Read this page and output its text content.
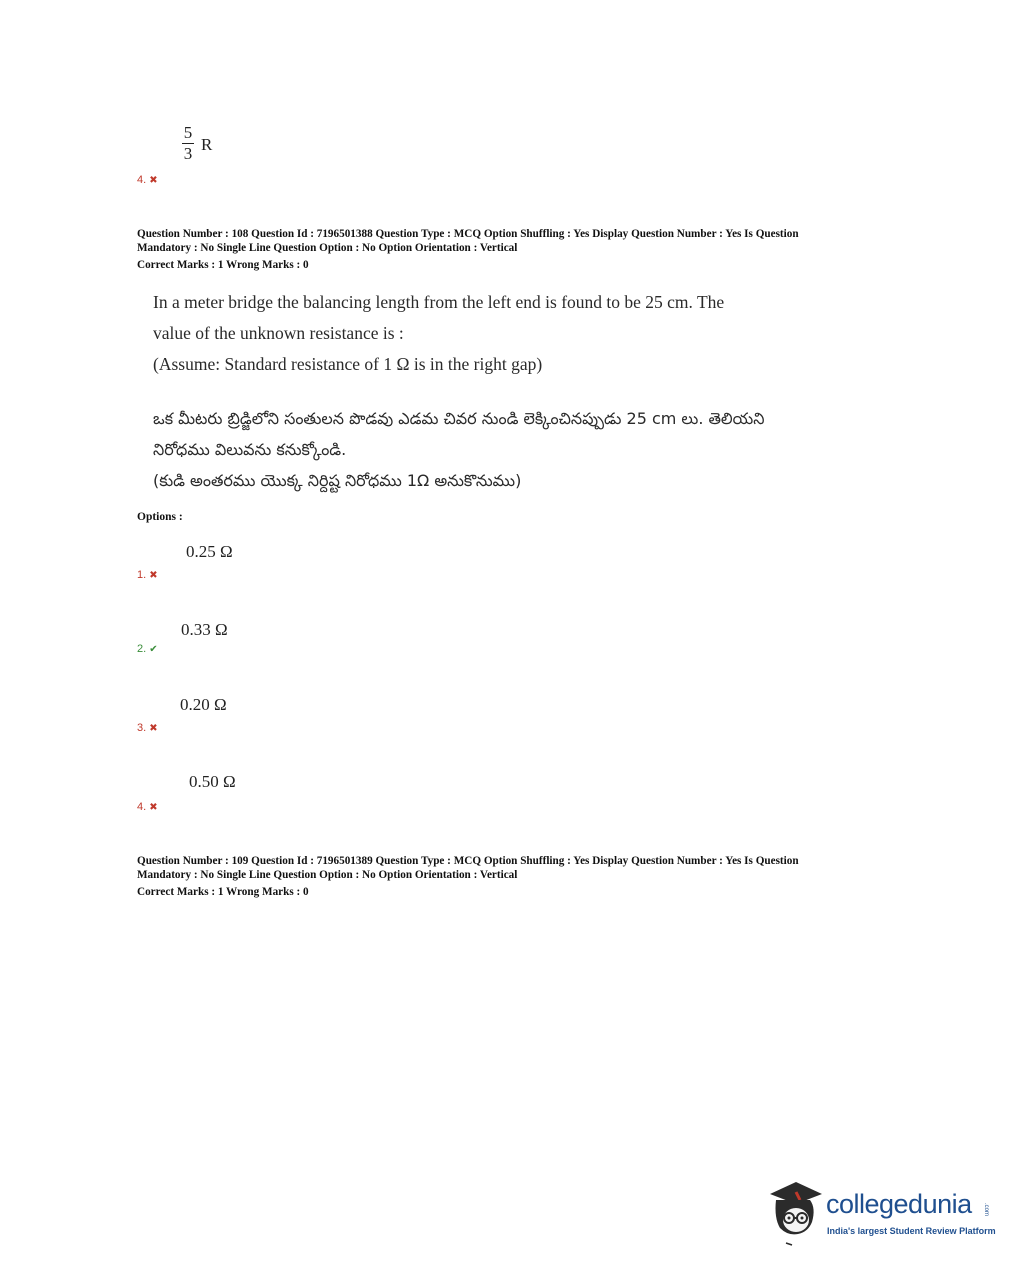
5
3 R
4. ✖
Question Number : 108 Question Id : 7196501388 Question Type : MCQ Option Shuffling : Yes Display Question Number : Yes Is Question
Mandatory : No Single Line Question Option : No Option Orientation : Vertical
Correct Marks : 1 Wrong Marks : 0
In a meter bridge the balancing length from the left end is found to be 25 cm. The
value of the unknown resistance is :
(Assume: Standard resistance of 1 Ω is in the right gap)
ఒక మీటరు బ్రిడ్జిలోని సంతులన పొడవు ఎడమ చివర నుండి లెక్కించినప్పుడు 25 cm లు. తెలియని
నిరోధము విలువను కనుక్కోండి.
(కుడి అంతరము యొక్క నిర్దిష్ట నిరోధము 1Ω అనుకొనుము)
Options :
0.25 Ω
1. ✖
0.33 Ω
2. ✔
0.20 Ω
3. ✖
0.50 Ω
4. ✖
Question Number : 109 Question Id : 7196501389 Question Type : MCQ Option Shuffling : Yes Display Question Number : Yes Is Question
Mandatory : No Single Line Question Option : No Option Orientation : Vertical
Correct Marks : 1 Wrong Marks : 0
collegedunia .com
India's largest Student Review Platform
